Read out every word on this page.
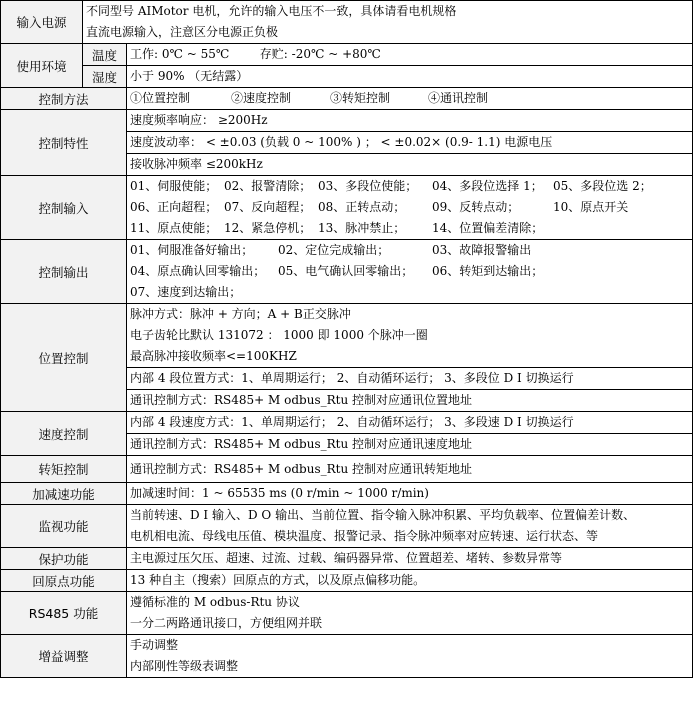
输入电源	不同型号 AIMotor 电机，允许的输入电压不一致，具体请看电机规格
直流电源输入，注意区分电源正负极	

使用环境	温度	工作: 0℃ ~ 55℃        存贮: -20℃ ~ +80℃

	湿度	小于 90% （无结露）

控制方法		①位置控制 ②速度控制 ③转矩控制 ④通讯控制

控制特性		速度频率响应： ≥200Hz
速度波动率： < ±0.03 (负载 0 ~ 100% ) ； < ±0.02× (0.9- 1.1) 电源电压
接收脉冲频率 ≤200kHz

控制输入		01、伺服使能； 02、报警清除； 03、多段位使能； 04、多段位选择 1； 05、多段位选 2；
06、正向超程； 07、反向超程； 08、正转点动； 09、反转点动； 10、原点开关
11、原点使能； 12、紧急停机； 13、脉冲禁止； 14、位置偏差清除；

控制输出		01、伺服准备好输出； 02、定位完成输出； 03、故障报警输出
04、原点确认回零输出； 05、电气确认回零输出； 06、转矩到达输出；
07、速度到达输出；

位置控制		脉冲方式：脉冲 + 方向；A + B正交脉冲
电子齿轮比默认 131072 ： 1000 即 1000 个脉冲一圈
最高脉冲接收频率<=100KHZ
内部 4 段位置方式：1、单周期运行； 2、自动循环运行； 3、多段位 D I 切换运行
通讯控制方式：RS485+ M odbus_Rtu 控制对应通讯位置地址

速度控制		内部 4 段速度方式：1、单周期运行； 2、自动循环运行； 3、多段速 D I 切换运行
通讯控制方式：RS485+ M odbus_Rtu 控制对应通讯速度地址

转矩控制		通讯控制方式：RS485+ M odbus_Rtu 控制对应通讯转矩地址

加减速功能		加减速时间：1 ~ 65535 ms (0 r/min ~ 1000 r/min)

监视功能		当前转速、D I 输入、D O 输出、当前位置、指令输入脉冲积累、平均负载率、位置偏差计数、
电机相电流、母线电压值、模块温度、报警记录、指令脉冲频率对应转速、运行状态、等

保护功能		主电源过压欠压、超速、过流、过载、编码器异常、位置超差、堵转、参数异常等

回原点功能		13 种自主（搜索）回原点的方式，以及原点偏移功能。

RS485 功能		遵循标准的 M odbus-Rtu 协议
一分二两路通讯接口，方便组网并联

增益调整		手动调整
内部刚性等级表调整
